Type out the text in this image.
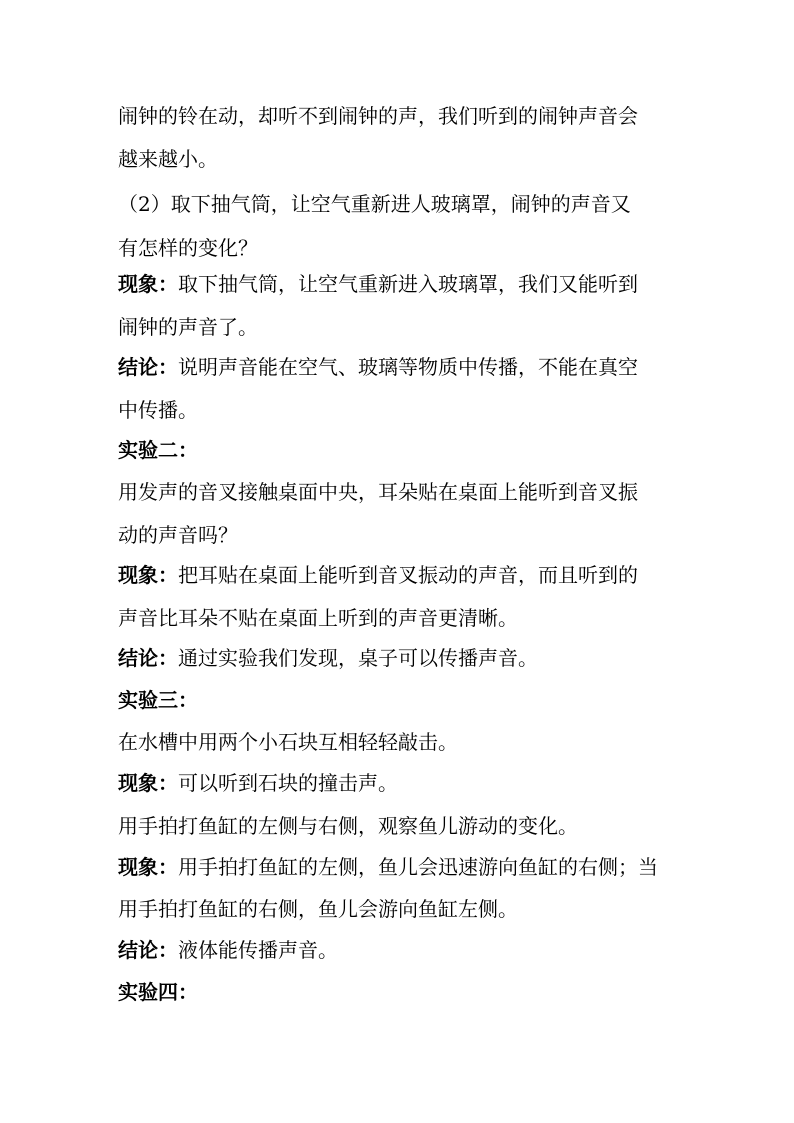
闹钟的铃在动，却听不到闹钟的声，我们听到的闹钟声音会
越来越小。
（2）取下抽气筒，让空气重新进人玻璃罩，闹钟的声音又
有怎样的变化？
现象：取下抽气筒，让空气重新进入玻璃罩，我们又能听到
闹钟的声音了。
结论：说明声音能在空气、玻璃等物质中传播，不能在真空
中传播。
实验二：
用发声的音叉接触桌面中央，耳朵贴在桌面上能听到音叉振
动的声音吗？
现象：把耳贴在桌面上能听到音叉振动的声音，而且听到的
声音比耳朵不贴在桌面上听到的声音更清晰。
结论：通过实验我们发现，桌子可以传播声音。
实验三：
在水槽中用两个小石块互相轻轻敲击。
现象：可以听到石块的撞击声。
用手拍打鱼缸的左侧与右侧，观察鱼儿游动的变化。
现象：用手拍打鱼缸的左侧，鱼儿会迅速游向鱼缸的右侧；当
用手拍打鱼缸的右侧，鱼儿会游向鱼缸左侧。
结论：液体能传播声音。
实验四：
